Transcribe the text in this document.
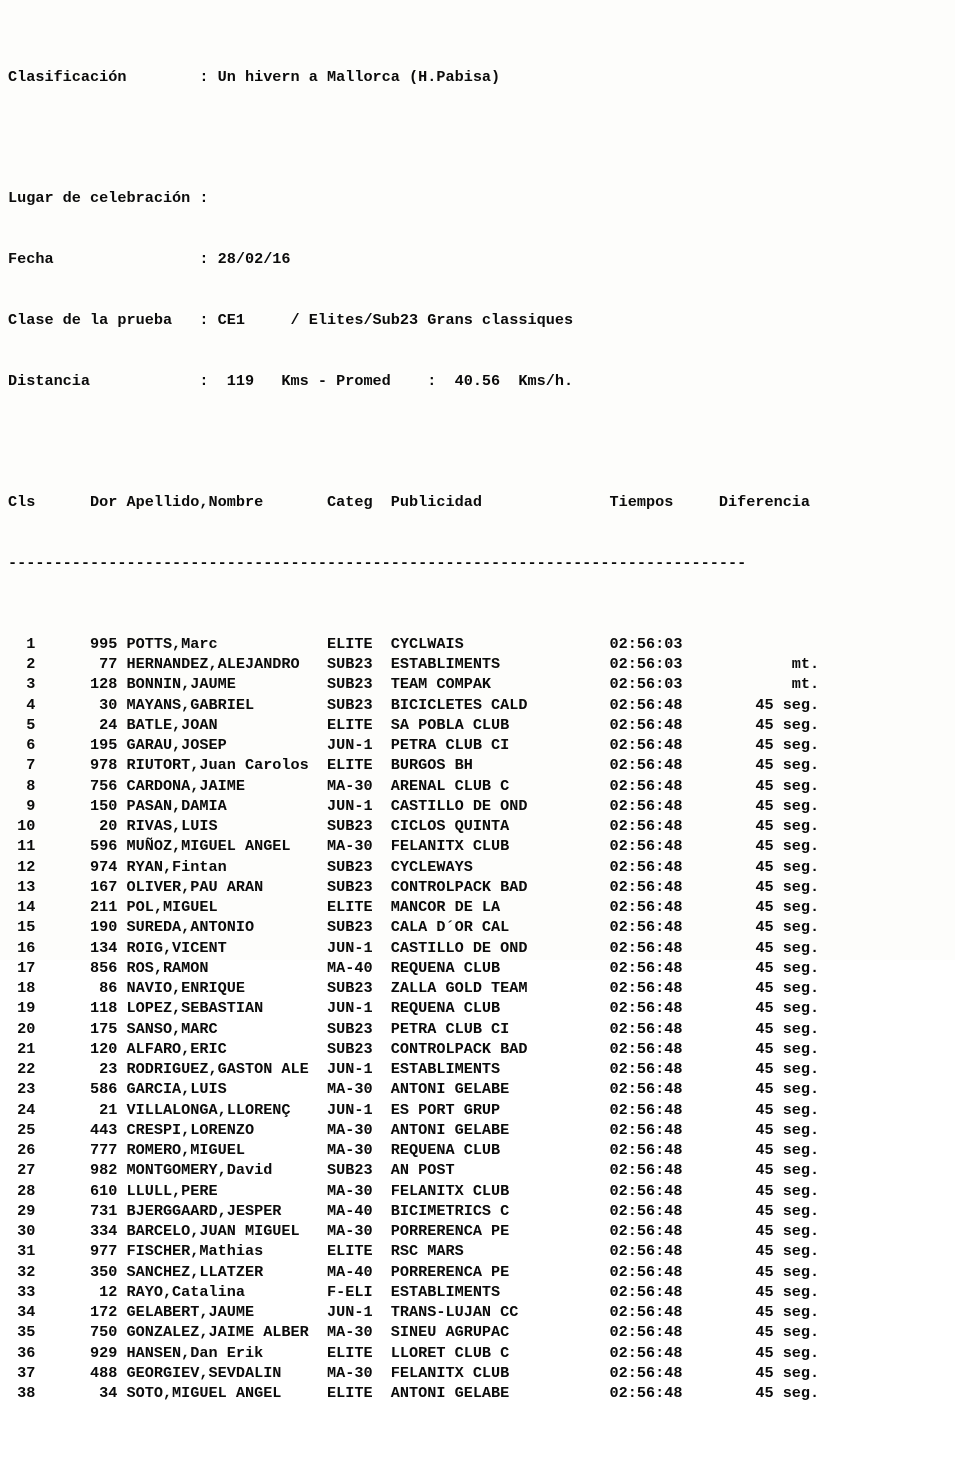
Clasificación        : Un hivern a Mallorca (H.Pabisa)

Lugar de celebración :

Fecha                : 28/02/16

Clase de la prueba   : CE1     / Elites/Sub23 Grans classiques

Distancia            :  119   Kms - Promed    :  40.56  Kms/h.

Cls      Dor Apellido,Nombre       Categ  Publicidad              Tiempos     Diferencia

---------------------------------------------------------------------------------

1      995 POTTS,Marc            ELITE  CYCLWAIS                02:56:03
2       77 HERNANDEZ,ALEJANDRO   SUB23  ESTABLIMENTS            02:56:03            mt.
3      128 BONNIN,JAUME          SUB23  TEAM COMPAK             02:56:03            mt.
4       30 MAYANS,GABRIEL        SUB23  BICICLETES CALD         02:56:48        45 seg.
5       24 BATLE,JOAN            ELITE  SA POBLA CLUB           02:56:48        45 seg.
6      195 GARAU,JOSEP           JUN-1  PETRA CLUB CI           02:56:48        45 seg.
7      978 RIUTORT,Juan Carolos  ELITE  BURGOS BH               02:56:48        45 seg.
8      756 CARDONA,JAIME         MA-30  ARENAL CLUB C           02:56:48        45 seg.
9      150 PASAN,DAMIA           JUN-1  CASTILLO DE OND         02:56:48        45 seg.
10       20 RIVAS,LUIS            SUB23  CICLOS QUINTA           02:56:48        45 seg.
11      596 MUÑOZ,MIGUEL ANGEL    MA-30  FELANITX CLUB           02:56:48        45 seg.
12      974 RYAN,Fintan           SUB23  CYCLEWAYS               02:56:48        45 seg.
13      167 OLIVER,PAU ARAN       SUB23  CONTROLPACK BAD         02:56:48        45 seg.
14      211 POL,MIGUEL            ELITE  MANCOR DE LA            02:56:48        45 seg.
15      190 SUREDA,ANTONIO        SUB23  CALA D´OR CAL           02:56:48        45 seg.
16      134 ROIG,VICENT           JUN-1  CASTILLO DE OND         02:56:48        45 seg.
17      856 ROS,RAMON             MA-40  REQUENA CLUB            02:56:48        45 seg.
18       86 NAVIO,ENRIQUE         SUB23  ZALLA GOLD TEAM         02:56:48        45 seg.
19      118 LOPEZ,SEBASTIAN       JUN-1  REQUENA CLUB            02:56:48        45 seg.
20      175 SANSO,MARC            SUB23  PETRA CLUB CI           02:56:48        45 seg.
21      120 ALFARO,ERIC           SUB23  CONTROLPACK BAD         02:56:48        45 seg.
22       23 RODRIGUEZ,GASTON ALE  JUN-1  ESTABLIMENTS            02:56:48        45 seg.
23      586 GARCIA,LUIS           MA-30  ANTONI GELABE           02:56:48        45 seg.
24       21 VILLALONGA,LLORENÇ    JUN-1  ES PORT GRUP            02:56:48        45 seg.
25      443 CRESPI,LORENZO        MA-30  ANTONI GELABE           02:56:48        45 seg.
26      777 ROMERO,MIGUEL         MA-30  REQUENA CLUB            02:56:48        45 seg.
27      982 MONTGOMERY,David      SUB23  AN POST                 02:56:48        45 seg.
28      610 LLULL,PERE            MA-30  FELANITX CLUB           02:56:48        45 seg.
29      731 BJERGGAARD,JESPER     MA-40  BICIMETRICS C           02:56:48        45 seg.
30      334 BARCELO,JUAN MIGUEL   MA-30  PORRERENCA PE           02:56:48        45 seg.
31      977 FISCHER,Mathias       ELITE  RSC MARS                02:56:48        45 seg.
32      350 SANCHEZ,LLATZER       MA-40  PORRERENCA PE           02:56:48        45 seg.
33       12 RAYO,Catalina         F-ELI  ESTABLIMENTS            02:56:48        45 seg.
34      172 GELABERT,JAUME        JUN-1  TRANS-LUJAN CC          02:56:48        45 seg.
35      750 GONZALEZ,JAIME ALBER  MA-30  SINEU AGRUPAC           02:56:48        45 seg.
36      929 HANSEN,Dan Erik       ELITE  LLORET CLUB C           02:56:48        45 seg.
37      488 GEORGIEV,SEVDALIN     MA-30  FELANITX CLUB           02:56:48        45 seg.
38       34 SOTO,MIGUEL ANGEL     ELITE  ANTONI GELABE           02:56:48        45 seg.
